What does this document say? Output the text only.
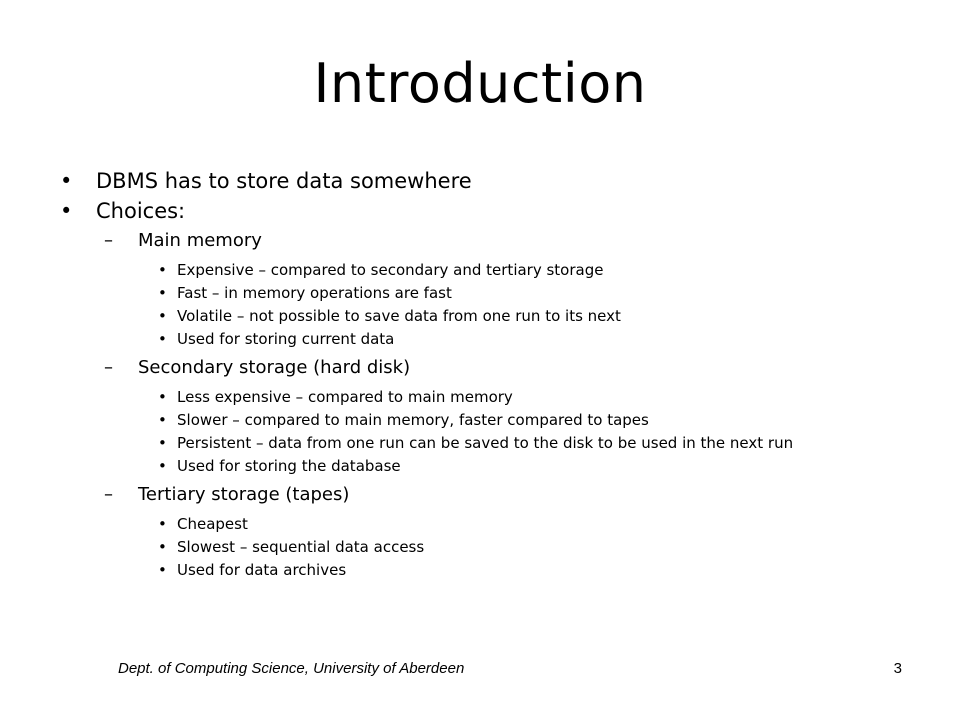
Introduction
• DBMS has to store data somewhere
• Choices:
– Main memory
• Expensive – compared to secondary and tertiary storage
• Fast – in memory operations are fast
• Volatile – not possible to save data from one run to its next
• Used for storing current data
– Secondary storage (hard disk)
• Less expensive – compared to main memory
• Slower – compared to main memory, faster compared to tapes
• Persistent – data from one run can be saved to the disk to be used in the next run
• Used for storing the database
– Tertiary storage (tapes)
• Cheapest
• Slowest – sequential data access
• Used for data archives
Dept. of Computing Science, University of Aberdeen	3
